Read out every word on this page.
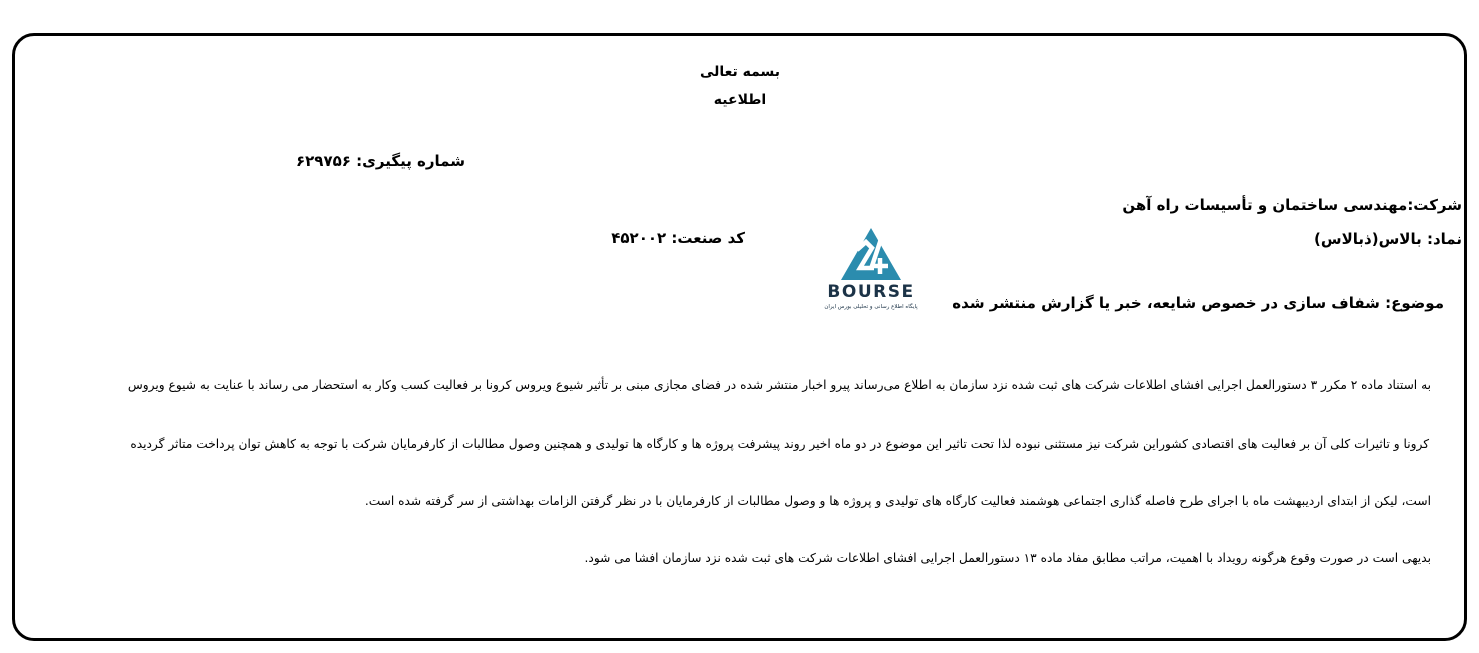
بسمه تعالی
اطلاعیه
شماره پیگیری: ۶۲۹۷۵۶
شرکت:مهندسی ساختمان و تأسیسات راه آهن
نماد: بالاس(ذبالاس)
کد صنعت: ۴۵۲۰۰۲
BOURSE
پایگاه اطلاع رسانی و تحلیلی بورس ایران	موضوع: شفاف سازی در خصوص شایعه، خبر یا گزارش منتشر شده
به استناد ماده ۲ مکرر ۳ دستورالعمل اجرایی افشای اطلاعات شرکت های ثبت شده نزد سازمان به اطلاع می‌رساند پیرو اخبار منتشر شده در فضای مجازی مبنی بر تأثیر شیوع ویروس کرونا بر فعالیت کسب وکار به استحضار می رساند با عنایت به شیوع ویروس
کرونا و تاثیرات کلی آن بر فعالیت های اقتصادی کشوراین شرکت نیز مستثنی نبوده لذا تحت تاثیر این موضوع در دو ماه اخیر روند پیشرفت پروژه ها و کارگاه ها تولیدی و همچنین وصول مطالبات از کارفرمایان شرکت با توجه به کاهش توان پرداخت متاثر گردیده
است، لیکن از ابتدای اردیبهشت ماه با اجرای طرح فاصله گذاری اجتماعی هوشمند فعالیت کارگاه های تولیدی و پروژه ها و وصول مطالبات از کارفرمایان با در نظر گرفتن الزامات بهداشتی از سر گرفته شده است.
بدیهی است در صورت وقوع هرگونه رویداد با اهمیت، مراتب مطابق مفاد ماده ۱۳ دستورالعمل اجرایی افشای اطلاعات شرکت های ثبت شده نزد سازمان افشا می شود.
